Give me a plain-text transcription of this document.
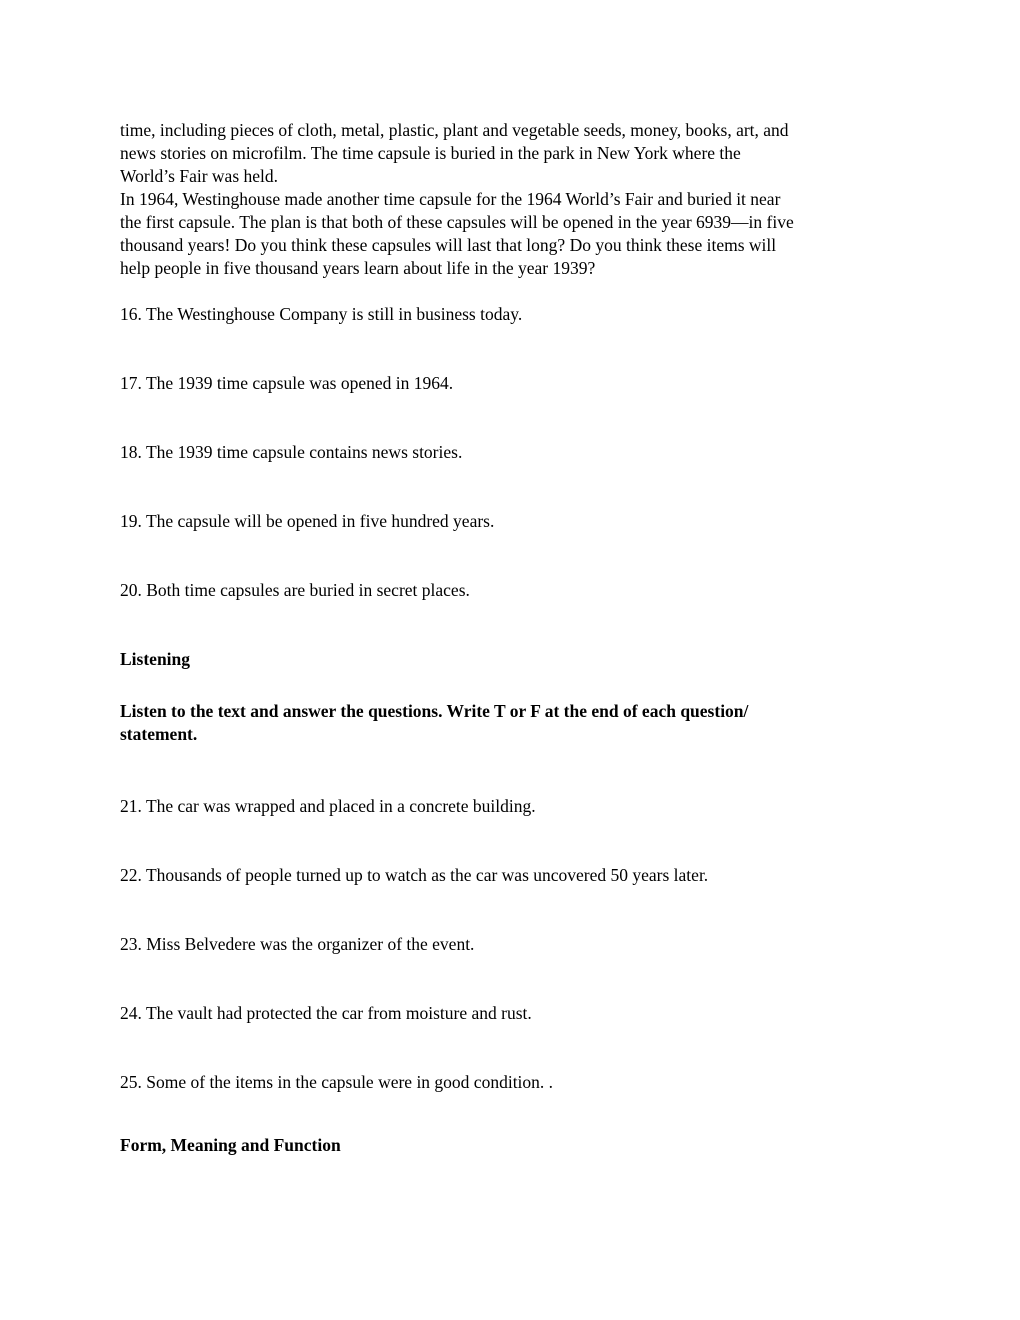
time, including pieces of cloth, metal, plastic, plant and vegetable seeds, money, books, art, and
news stories on microfilm. The time capsule is buried in the park in New York where the
World’s Fair was held.
In 1964, Westinghouse made another time capsule for the 1964 World’s Fair and buried it near
the first capsule. The plan is that both of these capsules will be opened in the year 6939—in five
thousand years! Do you think these capsules will last that long? Do you think these items will
help people in five thousand years learn about life in the year 1939?
16. The Westinghouse Company is still in business today.
17. The 1939 time capsule was opened in 1964.
18. The 1939 time capsule contains news stories.
19. The capsule will be opened in five hundred years.
20. Both time capsules are buried in secret places.
Listening
Listen to the text and answer the questions. Write T or F at the end of each question/
statement.
21. The car was wrapped and placed in a concrete building.
22. Thousands of people turned up to watch as the car was uncovered 50 years later.
23. Miss Belvedere was the organizer of the event.
24. The vault had protected the car from moisture and rust.
25. Some of the items in the capsule were in good condition. .
Form, Meaning and Function
